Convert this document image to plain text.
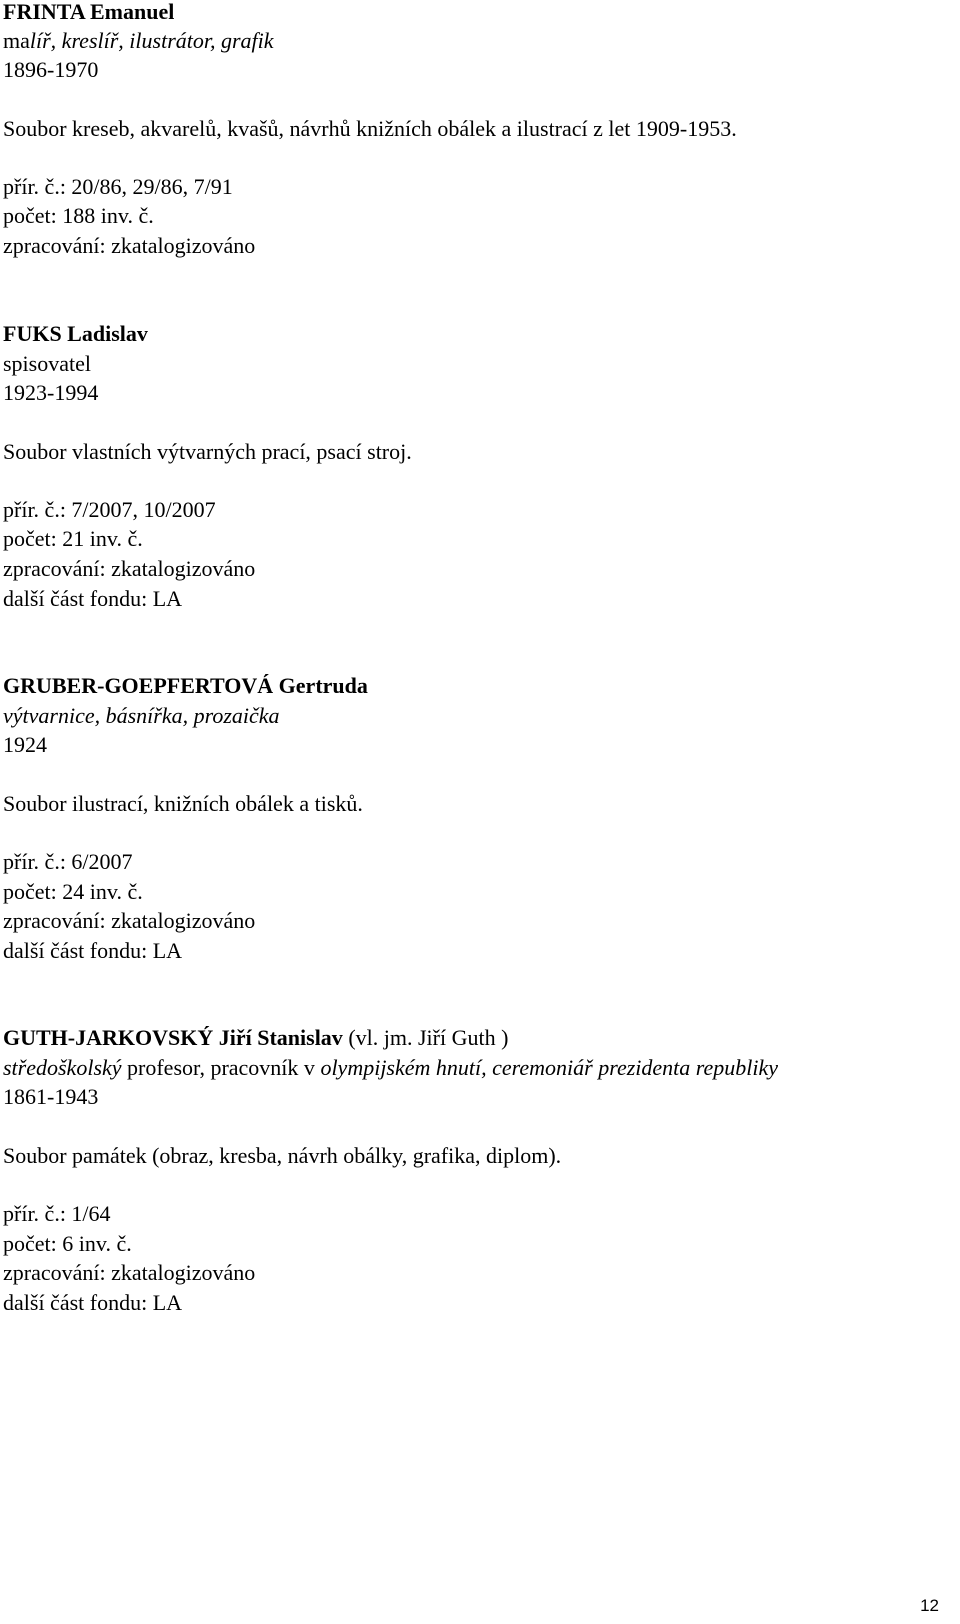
FRINTA Emanuel
malíř, kreslíř, ilustrátor, grafik
1896-1970
Soubor kreseb, akvarelů, kvašů, návrhů knižních obálek a ilustrací z let 1909-1953.
přír. č.: 20/86, 29/86, 7/91
počet: 188 inv. č.
zpracování: zkatalogizováno
FUKS Ladislav
spisovatel
1923-1994
Soubor vlastních výtvarných prací, psací stroj.
přír. č.: 7/2007, 10/2007
počet: 21 inv. č.
zpracování: zkatalogizováno
další část fondu: LA
GRUBER-GOEPFERTOVÁ Gertruda
výtvarnice, básnířka, prozaička
1924
Soubor ilustrací, knižních obálek a tisků.
přír. č.: 6/2007
počet: 24 inv. č.
zpracování: zkatalogizováno
další část fondu: LA
GUTH-JARKOVSKÝ Jiří Stanislav (vl. jm. Jiří Guth )
středoškolský profesor, pracovník v olympijském hnutí, ceremoniář prezidenta republiky
1861-1943
Soubor památek (obraz, kresba, návrh obálky, grafika, diplom).
přír. č.: 1/64
počet: 6 inv. č.
zpracování: zkatalogizováno
další část fondu: LA
12
